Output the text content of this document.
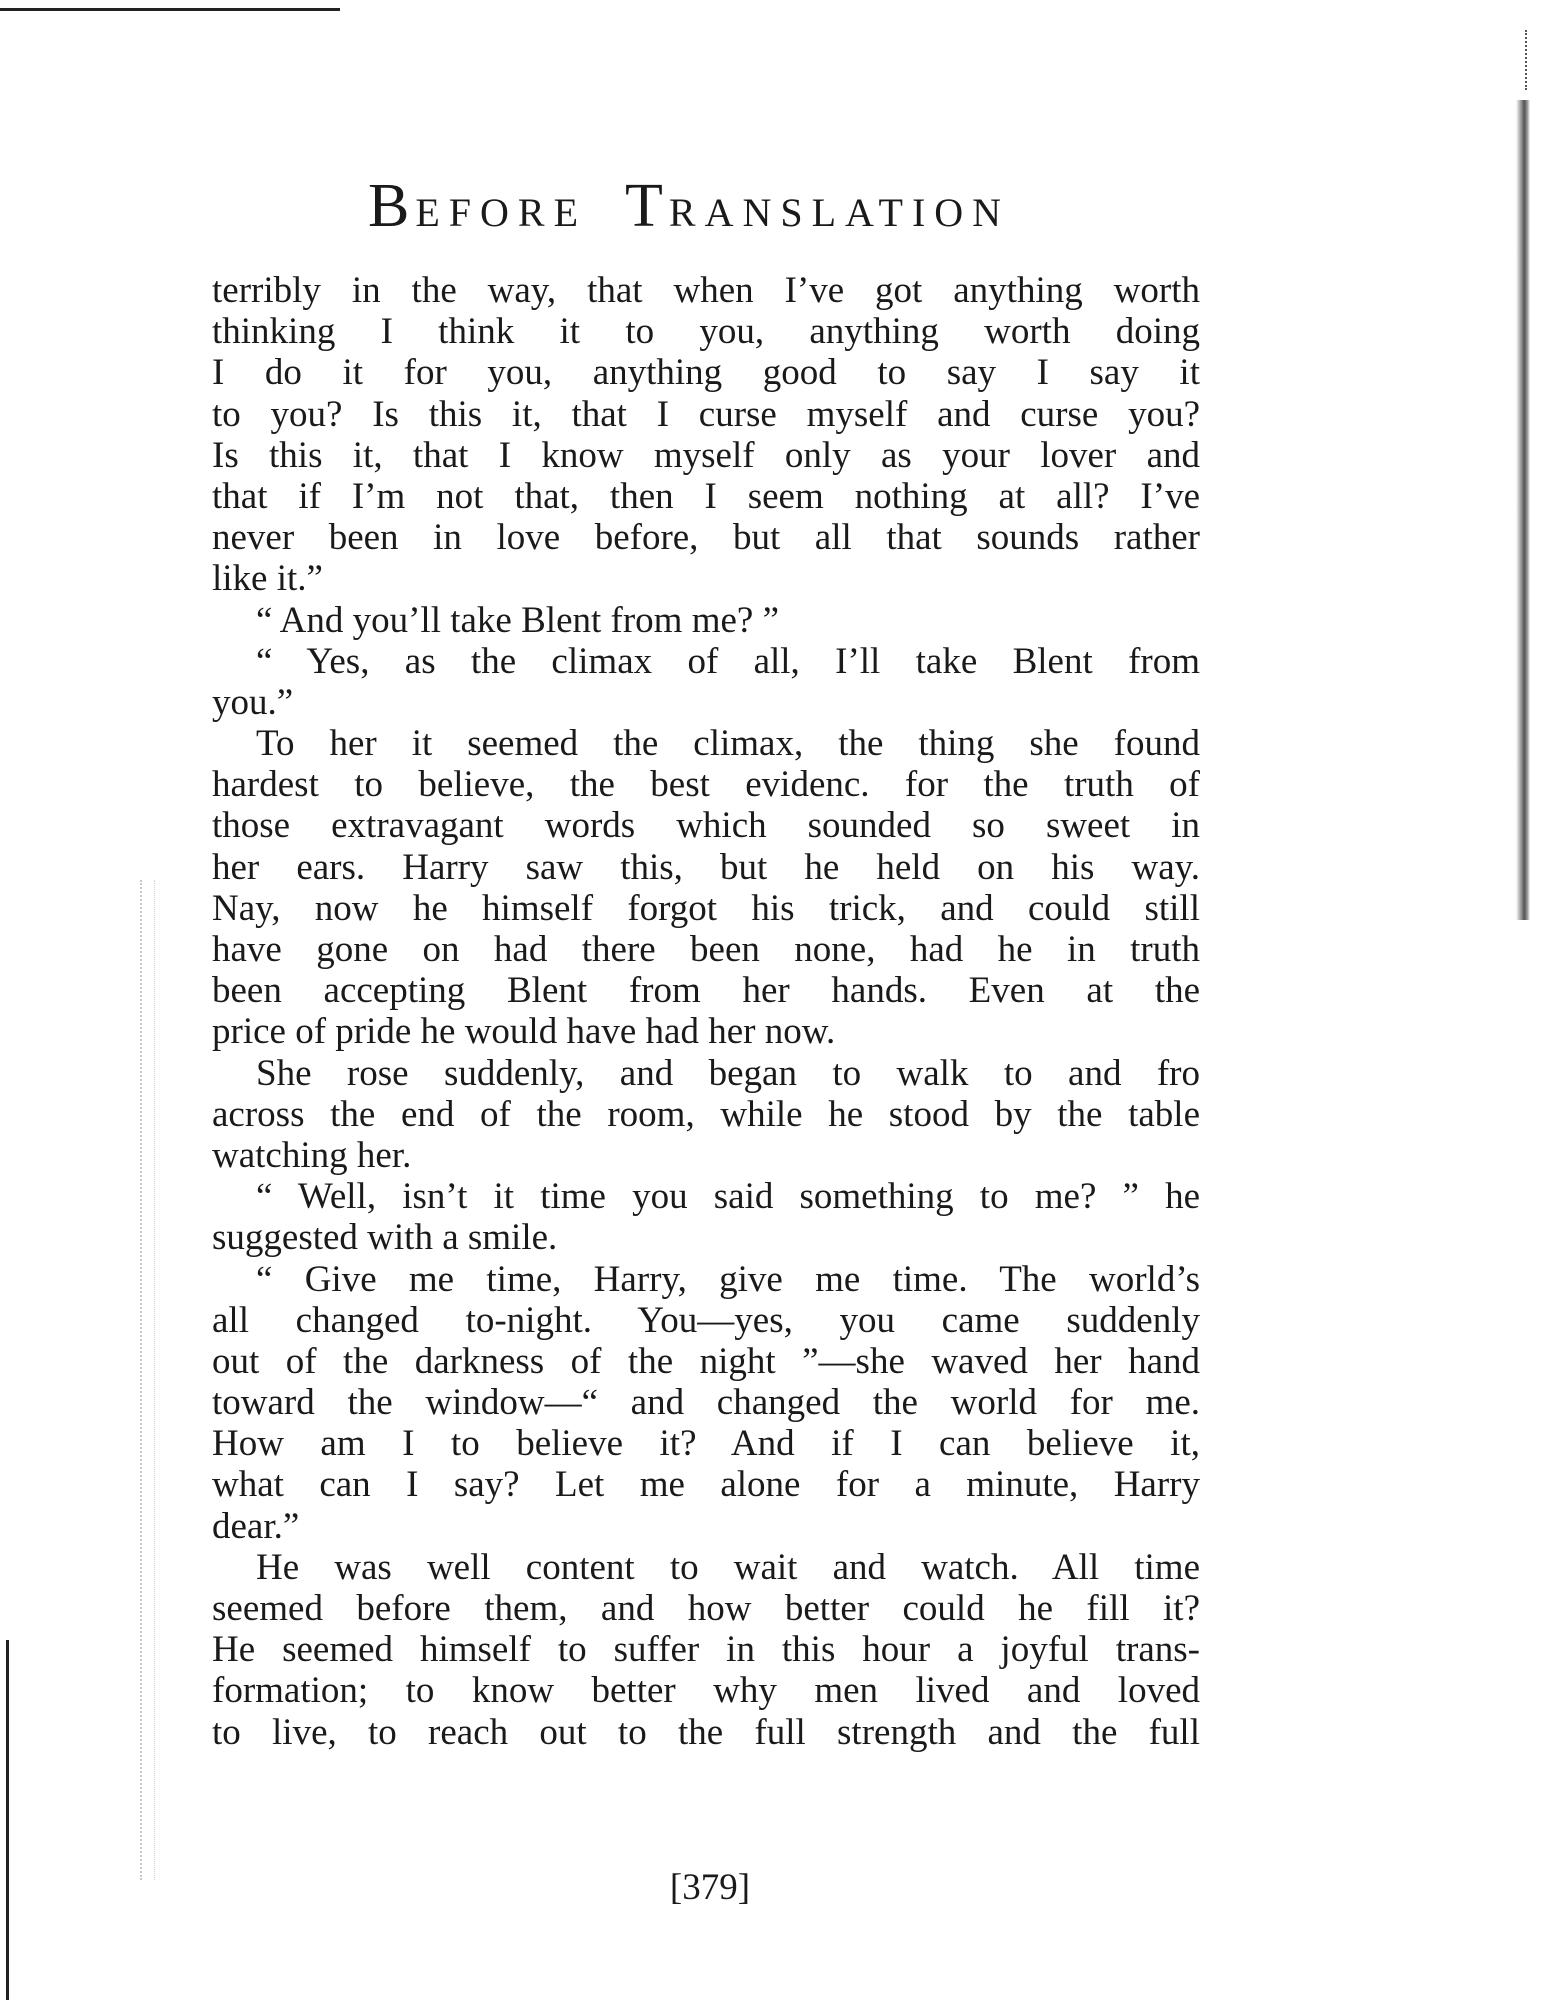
BEFORE TRANSLATION
terribly in the way, that when I’ve got anything worth
thinking I think it to you, anything worth doing
I do it for you, anything good to say I say it
to you? Is this it, that I curse myself and curse you?
Is this it, that I know myself only as your lover and
that if I’m not that, then I seem nothing at all? I’ve
never been in love before, but all that sounds rather
like it.”
“ And you’ll take Blent from me? ”
“ Yes, as the climax of all, I’ll take Blent from
you.”
To her it seemed the climax, the thing she found
hardest to believe, the best evidenc. for the truth of
those extravagant words which sounded so sweet in
her ears. Harry saw this, but he held on his way.
Nay, now he himself forgot his trick, and could still
have gone on had there been none, had he in truth
been accepting Blent from her hands. Even at the
price of pride he would have had her now.
She rose suddenly, and began to walk to and fro
across the end of the room, while he stood by the table
watching her.
“ Well, isn’t it time you said something to me? ” he
suggested with a smile.
“ Give me time, Harry, give me time. The world’s
all changed to-night. You—yes, you came suddenly
out of the darkness of the night ”—she waved her hand
toward the window—“ and changed the world for me.
How am I to believe it? And if I can believe it,
what can I say? Let me alone for a minute, Harry
dear.”
He was well content to wait and watch. All time
seemed before them, and how better could he fill it?
He seemed himself to suffer in this hour a joyful trans-
formation; to know better why men lived and loved
to live, to reach out to the full strength and the full
[379]
